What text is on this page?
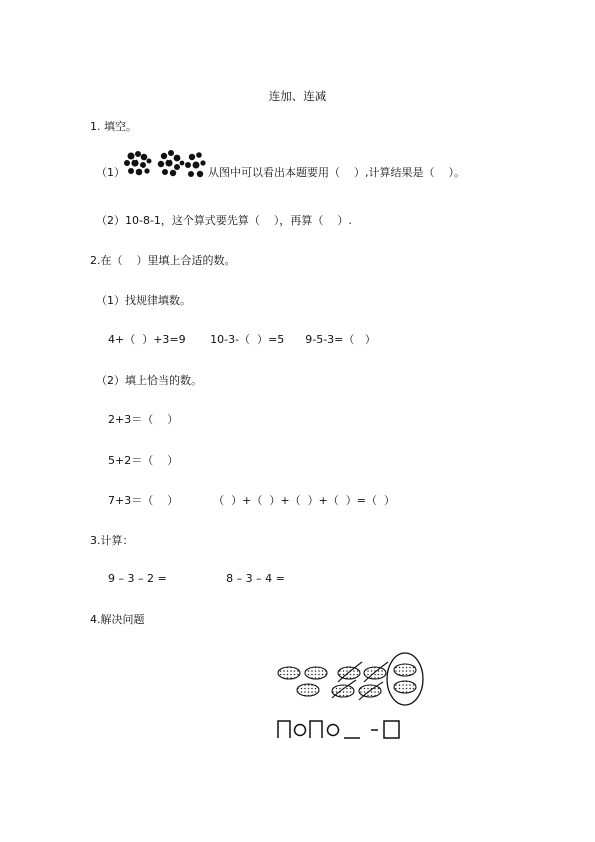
连加、连减
1. 填空。
（1）	从图中可以看出本题要用（    ）,计算结果是（    ）。
（2）10-8-1，这个算式要先算（    ），再算（    ）.
2.在（    ）里填上合适的数。
（1）找规律填数。
4+（  ）+3=9       10-3-（  ）=5      9-5-3=（   ）
（2）填上恰当的数。
2+3＝（    ）
5+2＝（    ）
7+3＝（    ）          （  ）+（  ）+（  ）+（  ）=（  ）
3.计算：
9 – 3 – 2 =                 8 – 3 – 4 =
4.解决问题
